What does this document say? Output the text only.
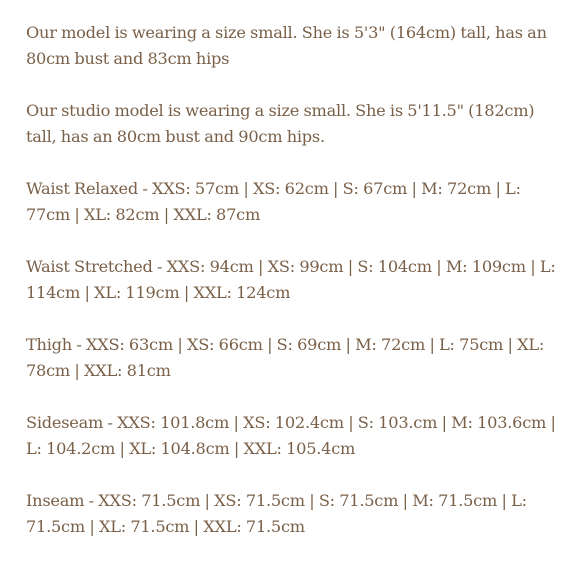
Our model is wearing a size small. She is 5'3" (164cm) tall, has an 80cm bust and 83cm hips

Our studio model is wearing a size small. She is 5'11.5" (182cm) tall, has an 80cm bust and 90cm hips.

Waist Relaxed - XXS: 57cm | XS: 62cm | S: 67cm | M: 72cm | L: 77cm | XL: 82cm | XXL: 87cm

Waist Stretched - XXS: 94cm | XS: 99cm | S: 104cm | M: 109cm | L: 114cm | XL: 119cm | XXL: 124cm

Thigh - XXS: 63cm | XS: 66cm | S: 69cm | M: 72cm | L: 75cm | XL: 78cm | XXL: 81cm

Sideseam - XXS: 101.8cm | XS: 102.4cm | S: 103.cm | M: 103.6cm | L: 104.2cm | XL: 104.8cm | XXL: 105.4cm

Inseam - XXS: 71.5cm | XS: 71.5cm | S: 71.5cm | M: 71.5cm | L: 71.5cm | XL: 71.5cm | XXL: 71.5cm
